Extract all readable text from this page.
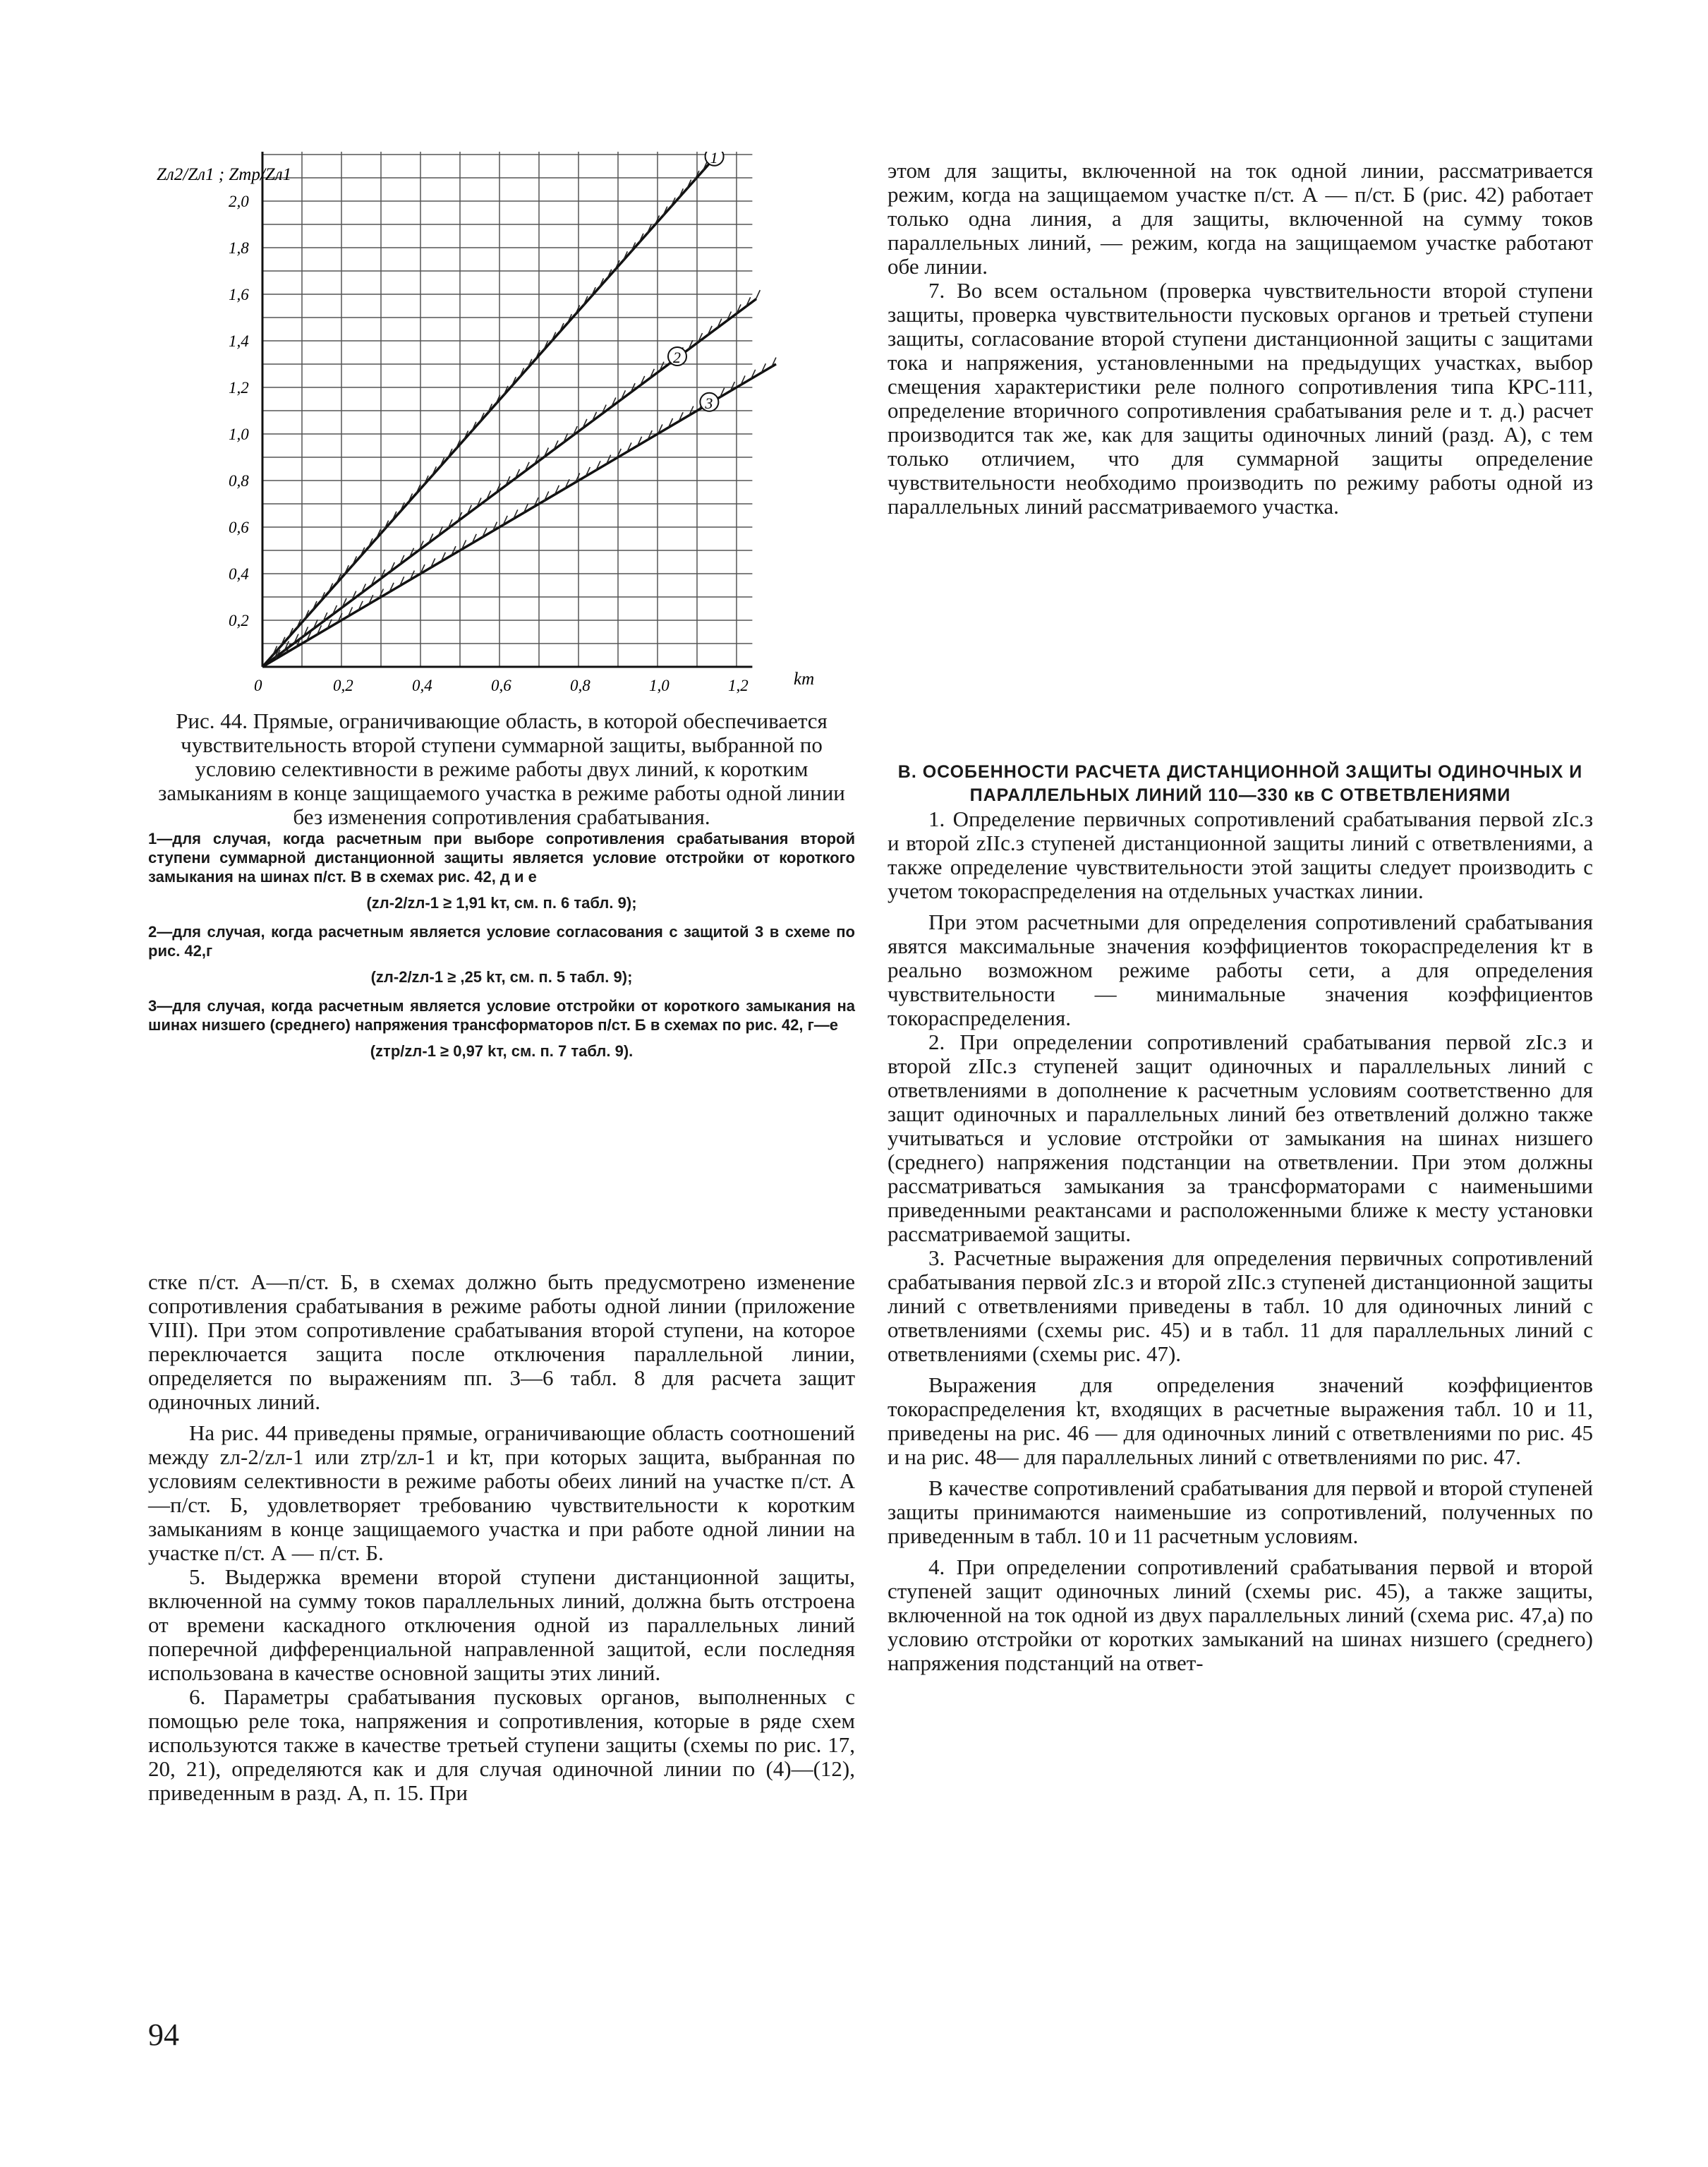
1
2
3
0	0,2	0,4	0,6	0,8	1,0	1,2
0,2
0,4
0,6
0,8
1,0
1,2
1,4
1,6
1,8
2,0
Zл2/Zл1 ; Zтр/Zл1
kт

Рис. 44. Прямые, ограничивающие область, в которой обеспечивается чувствительность второй ступени суммарной защиты, выбранной по условию селективности в режиме работы двух линий, к коротким замыканиям в конце защищаемого участка в режиме работы одной линии без изменения сопротивления срабатывания.

1—для случая, когда расчетным при выборе сопротивления срабатывания второй ступени суммарной дистанционной защиты является условие отстройки от короткого замыкания на шинах п/ст. В в схемах рис. 42, д и е
(zл-2/zл-1 ≥ 1,91 kт, см. п. 6 табл. 9);

2—для случая, когда расчетным является условие согласования с защитой 3 в схеме по рис. 42,г
(zл-2/zл-1 ≥ ,25 kт, см. п. 5 табл. 9);

3—для случая, когда расчетным является условие отстройки от короткого замыкания на шинах низшего (среднего) напряжения трансформаторов п/ст. Б в схемах по рис. 42, г—е
(zтр/zл-1 ≥ 0,97 kт, см. п. 7 табл. 9).

стке п/ст. А—п/ст. Б, в схемах должно быть предусмотрено изменение сопротивления срабатывания в режиме работы одной линии (приложение VIII). При этом сопротивление срабатывания второй ступени, на которое переключается защита после отключения параллельной линии, определяется по выражениям пп. 3—6 табл. 8 для расчета защит одиночных линий.

На рис. 44 приведены прямые, ограничивающие область соотношений между zл-2/zл-1 или zтр/zл-1 и kт, при которых защита, выбранная по условиям селективности в режиме работы обеих линий на участке п/ст. А—п/ст. Б, удовлетворяет требованию чувствительности к коротким замыканиям в конце защищаемого участка и при работе одной линии на участке п/ст. А — п/ст. Б.

5. Выдержка времени второй ступени дистанционной защиты, включенной на сумму токов параллельных линий, должна быть отстроена от времени каскадного отключения одной из параллельных линий поперечной дифференциальной направленной защитой, если последняя использована в качестве основной защиты этих линий.

6. Параметры срабатывания пусковых органов, выполненных с помощью реле тока, напряжения и сопротивления, которые в ряде схем используются также в качестве третьей ступени защиты (схемы по рис. 17, 20, 21), определяются как и для случая одиночной линии по (4)—(12), приведенным в разд. А, п. 15. При

этом для защиты, включенной на ток одной линии, рассматривается режим, когда на защищаемом участке п/ст. А — п/ст. Б (рис. 42) работает только одна линия, а для защиты, включенной на сумму токов параллельных линий, — режим, когда на защищаемом участке работают обе линии.

7. Во всем остальном (проверка чувствительности второй ступени защиты, проверка чувствительности пусковых органов и третьей ступени защиты, согласование второй ступени дистанционной защиты с защитами тока и напряжения, установленными на предыдущих участках, выбор смещения характеристики реле полного сопротивления типа КРС-111, определение вторичного сопротивления срабатывания реле и т. д.) расчет производится так же, как для защиты одиночных линий (разд. А), с тем только отличием, что для суммарной защиты определение чувствительности необходимо производить по режиму работы одной из параллельных линий рассматриваемого участка.

В. ОСОБЕННОСТИ РАСЧЕТА ДИСТАНЦИОННОЙ ЗАЩИТЫ ОДИНОЧНЫХ И ПАРАЛЛЕЛЬНЫХ ЛИНИЙ 110—330 кв С ОТВЕТВЛЕНИЯМИ

1. Определение первичных сопротивлений срабатывания первой zIс.з и второй zIIс.з ступеней дистанционной защиты линий с ответвлениями, а также определение чувствительности этой защиты следует производить с учетом токораспределения на отдельных участках линии.

При этом расчетными для определения сопротивлений срабатывания явятся максимальные значения коэффициентов токораспределения kт в реально возможном режиме работы сети, а для определения чувствительности — минимальные значения коэффициентов токораспределения.

2. При определении сопротивлений срабатывания первой zIс.з и второй zIIс.з ступеней защит одиночных и параллельных линий с ответвлениями в дополнение к расчетным условиям соответственно для защит одиночных и параллельных линий без ответвлений должно также учитываться и условие отстройки от замыкания на шинах низшего (среднего) напряжения подстанции на ответвлении. При этом должны рассматриваться замыкания за трансформаторами с наименьшими приведенными реактансами и расположенными ближе к месту установки рассматриваемой защиты.

3. Расчетные выражения для определения первичных сопротивлений срабатывания первой zIс.з и второй zIIс.з ступеней дистанционной защиты линий с ответвлениями приведены в табл. 10 для одиночных линий с ответвлениями (схемы рис. 45) и в табл. 11 для параллельных линий с ответвлениями (схемы рис. 47).

Выражения для определения значений коэффициентов токораспределения kт, входящих в расчетные выражения табл. 10 и 11, приведены на рис. 46 — для одиночных линий с ответвлениями по рис. 45 и на рис. 48— для параллельных линий с ответвлениями по рис. 47.

В качестве сопротивлений срабатывания для первой и второй ступеней защиты принимаются наименьшие из сопротивлений, полученных по приведенным в табл. 10 и 11 расчетным условиям.

4. При определении сопротивлений срабатывания первой и второй ступеней защит одиночных линий (схемы рис. 45), а также защиты, включенной на ток одной из двух параллельных линий (схема рис. 47,а) по условию отстройки от коротких замыканий на шинах низшего (среднего) напряжения подстанций на ответ-

94
